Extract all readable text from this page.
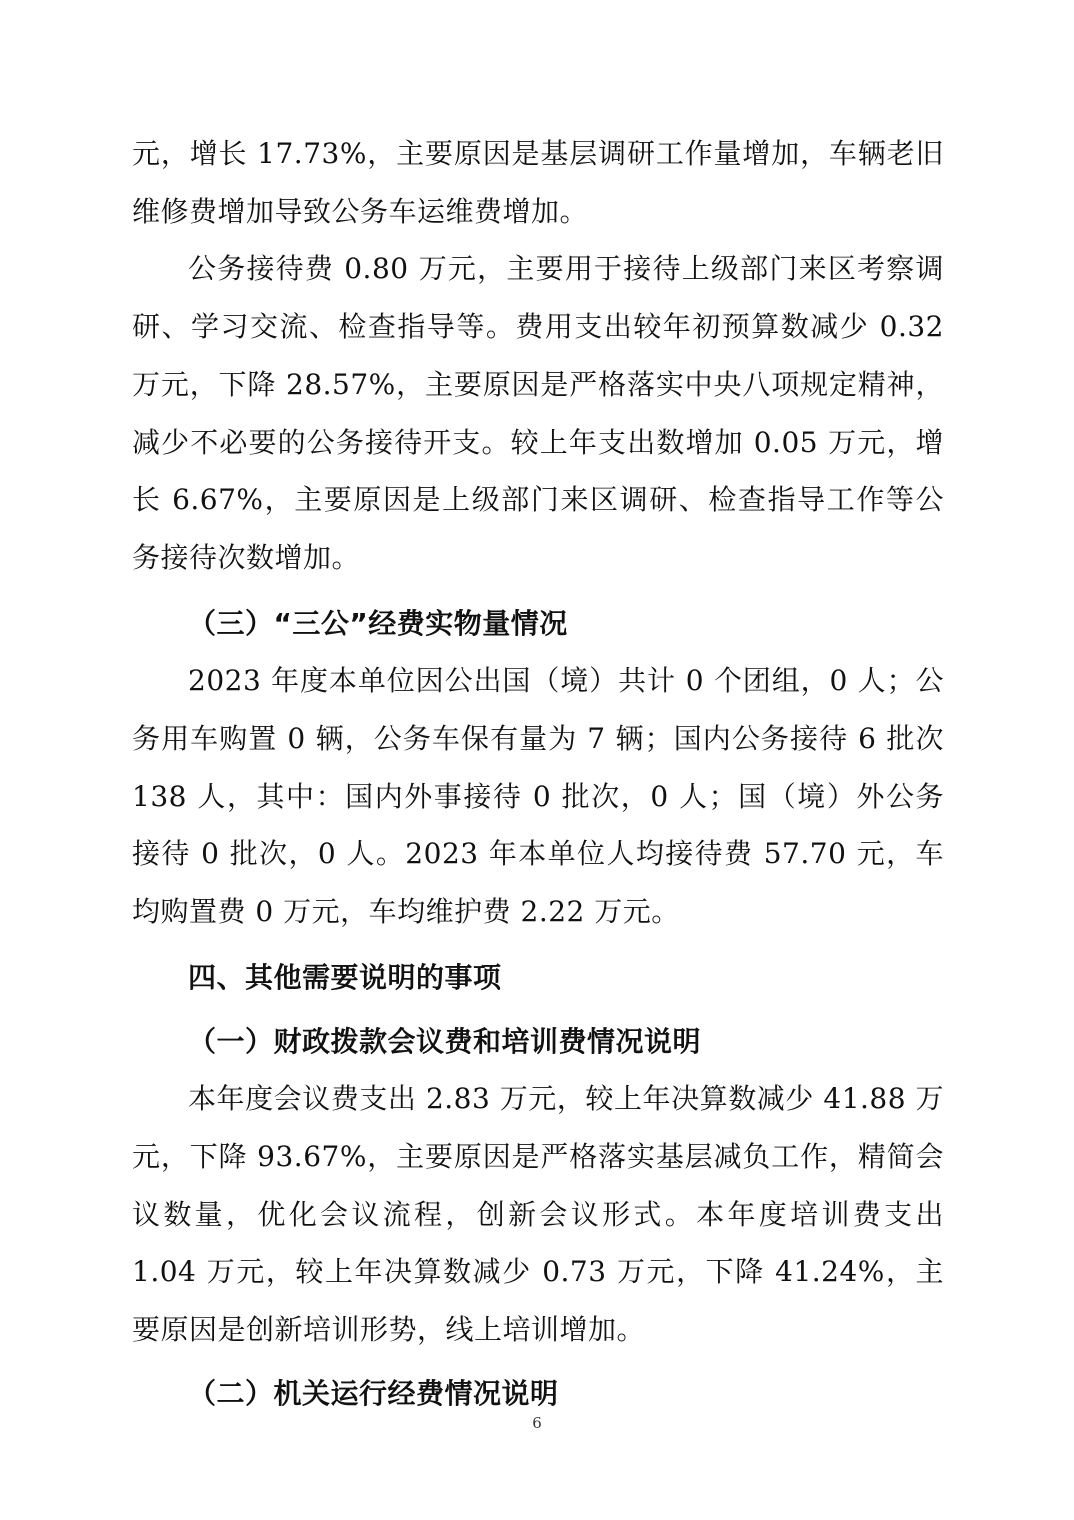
元，增长 17.73%，主要原因是基层调研工作量增加，车辆老旧维修费增加导致公务车运维费增加。

公务接待费 0.80 万元，主要用于接待上级部门来区考察调研、学习交流、检查指导等。费用支出较年初预算数减少 0.32 万元，下降 28.57%，主要原因是严格落实中央八项规定精神，减少不必要的公务接待开支。较上年支出数增加 0.05 万元，增长 6.67%，主要原因是上级部门来区调研、检查指导工作等公务接待次数增加。

（三）“三公”经费实物量情况

2023 年度本单位因公出国（境）共计 0 个团组，0 人；公务用车购置 0 辆，公务车保有量为 7 辆；国内公务接待 6 批次 138 人，其中：国内外事接待 0 批次，0 人；国（境）外公务接待 0 批次，0 人。2023 年本单位人均接待费 57.70 元，车均购置费 0 万元，车均维护费 2.22 万元。

四、其他需要说明的事项

（一）财政拨款会议费和培训费情况说明

本年度会议费支出 2.83 万元，较上年决算数减少 41.88 万元，下降 93.67%，主要原因是严格落实基层减负工作，精简会议数量，优化会议流程，创新会议形式。本年度培训费支出 1.04 万元，较上年决算数减少 0.73 万元，下降 41.24%，主要原因是创新培训形势，线上培训增加。

（二）机关运行经费情况说明

6
